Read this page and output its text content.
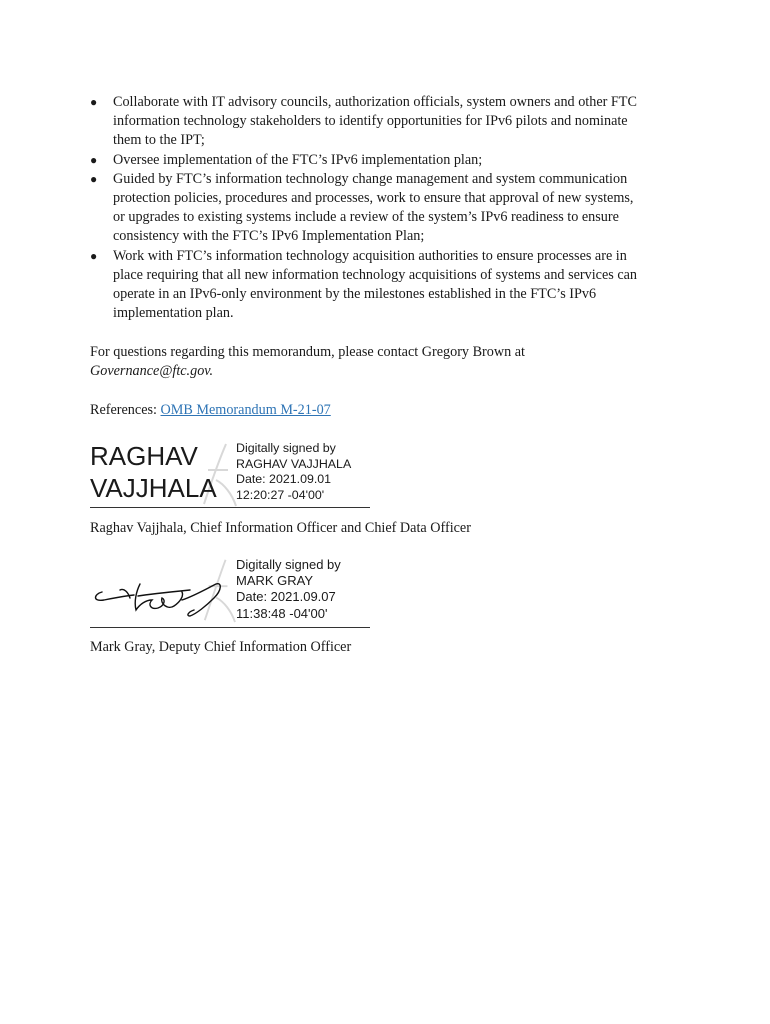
● Collaborate with IT advisory councils, authorization officials, system owners and other FTC
information technology stakeholders to identify opportunities for IPv6 pilots and nominate
them to the IPT;
● Oversee implementation of the FTC’s IPv6 implementation plan;
● Guided by FTC’s information technology change management and system communication
protection policies, procedures and processes, work to ensure that approval of new systems,
or upgrades to existing systems include a review of the system’s IPv6 readiness to ensure
consistency with the FTC’s IPv6 Implementation Plan;
● Work with FTC’s information technology acquisition authorities to ensure processes are in
place requiring that all new information technology acquisitions of systems and services can
operate in an IPv6-only environment by the milestones established in the FTC’s IPv6
implementation plan.

For questions regarding this memorandum, please contact Gregory Brown at
Governance@ftc.gov.

References: OMB Memorandum M-21-07

RAGHAV
VAJJHALA
Digitally signed by
RAGHAV VAJJHALA
Date: 2021.09.01
12:20:27 -04'00'

Raghav Vajjhala, Chief Information Officer and Chief Data Officer

Digitally signed by
MARK GRAY
Date: 2021.09.07
11:38:48 -04'00'

Mark Gray, Deputy Chief Information Officer
